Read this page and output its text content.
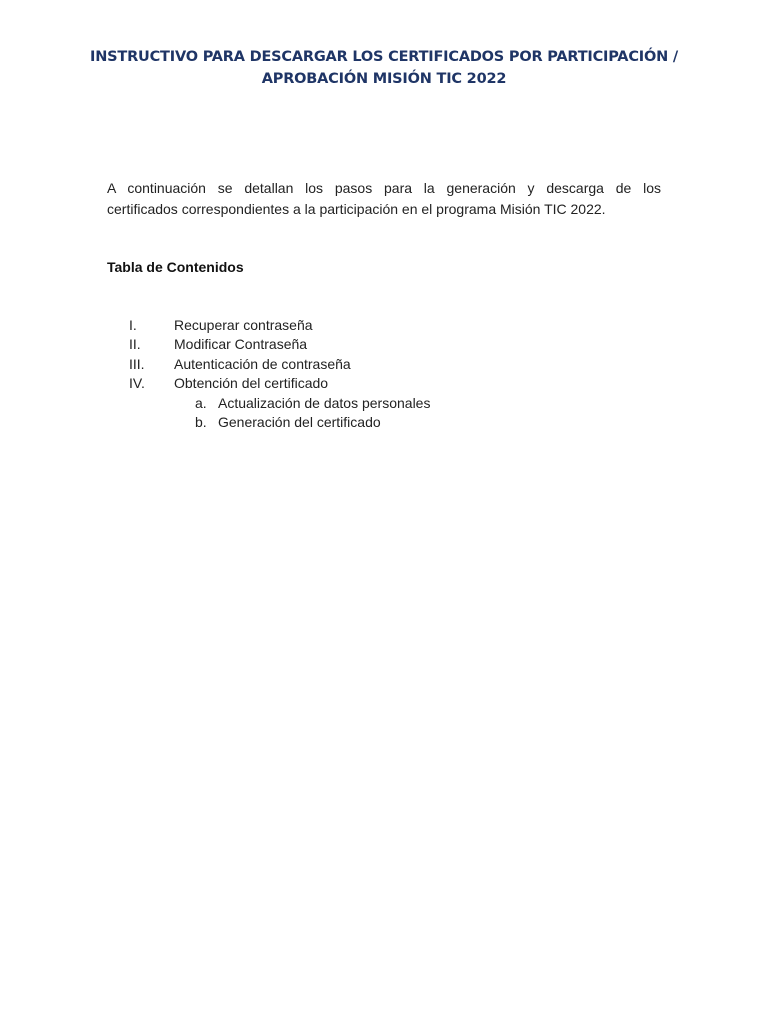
INSTRUCTIVO PARA DESCARGAR LOS CERTIFICADOS POR PARTICIPACIÓN /
APROBACIÓN MISIÓN TIC 2022
A continuación se detallan los pasos para la generación y descarga de los
certificados correspondientes a la participación en el programa Misión TIC 2022.
Tabla de Contenidos
I.	Recuperar contraseña
II. Modificar Contraseña
III. Autenticación de contraseña
IV. Obtención del certificado
a. Actualización de datos personales
b. Generación del certificado
